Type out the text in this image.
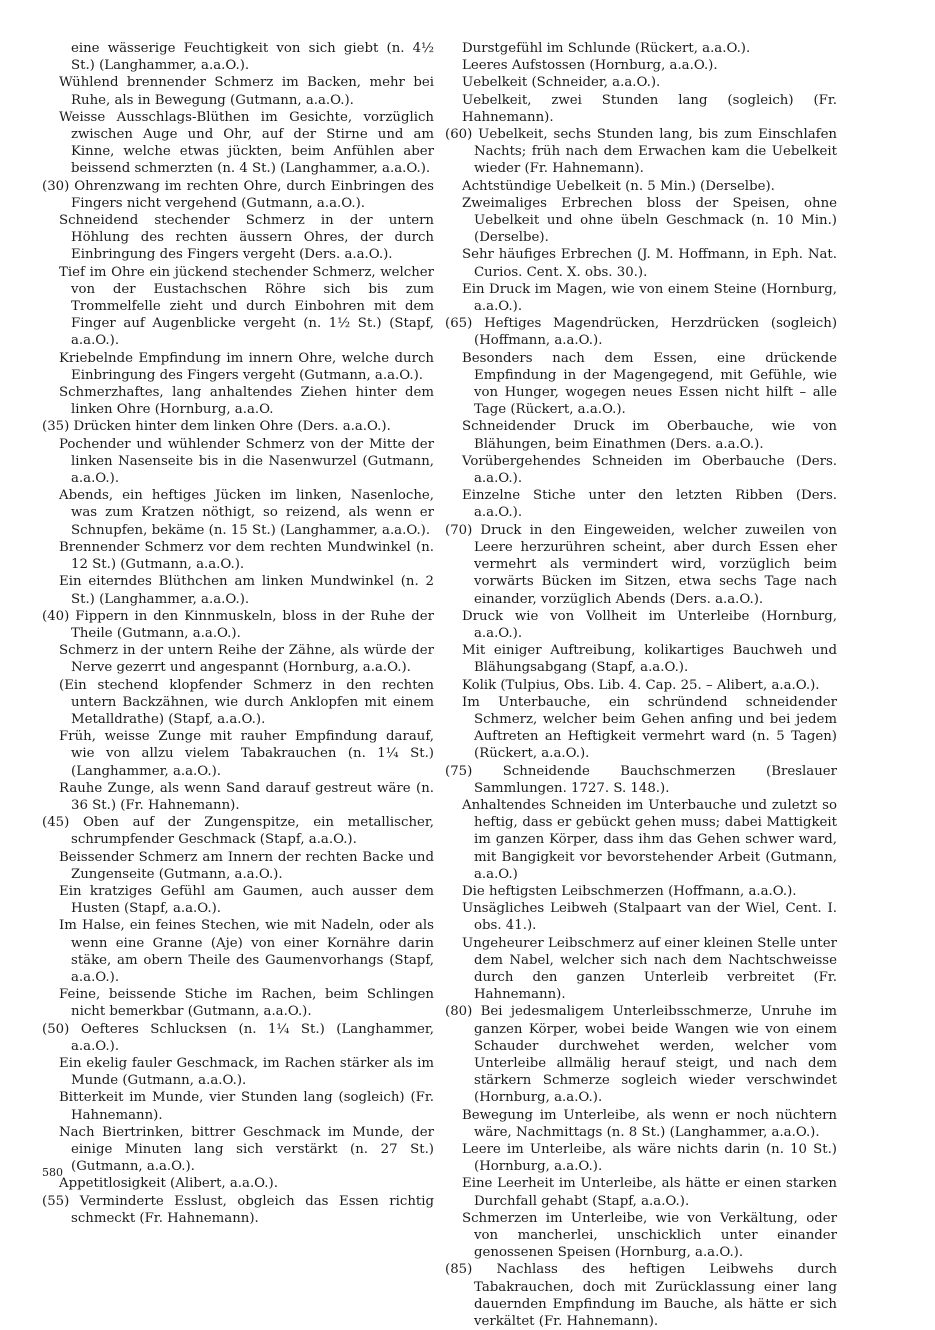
eine wässerige Feuchtigkeit von sich giebt (n. 4½ St.) (Langhammer, a.a.O.).

Wühlend brennender Schmerz im Backen, mehr bei Ruhe, als in Bewegung (Gutmann, a.a.O.).

Weisse Ausschlags-Blüthen im Gesichte, vorzüglich zwischen Auge und Ohr, auf der Stirne und am Kinne, welche etwas jückten, beim Anfühlen aber beissend schmerzten (n. 4 St.) (Langhammer, a.a.O.).

(30) Ohrenzwang im rechten Ohre, durch Einbringen des Fingers nicht vergehend (Gutmann, a.a.O.).

Schneidend stechender Schmerz in der untern Höhlung des rechten äussern Ohres, der durch Einbringung des Fingers vergeht (Ders. a.a.O.).

Tief im Ohre ein jückend stechender Schmerz, welcher von der Eustachschen Röhre sich bis zum Trommelfelle zieht und durch Einbohren mit dem Finger auf Augenblicke vergeht (n. 1½ St.) (Stapf, a.a.O.).

Kriebelnde Empfindung im innern Ohre, welche durch Einbringung des Fingers vergeht (Gutmann, a.a.O.).

Schmerzhaftes, lang anhaltendes Ziehen hinter dem linken Ohre (Hornburg, a.a.O.

(35) Drücken hinter dem linken Ohre (Ders. a.a.O.).

Pochender und wühlender Schmerz von der Mitte der linken Nasenseite bis in die Nasenwurzel (Gutmann, a.a.O.).

Abends, ein heftiges Jücken im linken, Nasenloche, was zum Kratzen nöthigt, so reizend, als wenn er Schnupfen, bekäme (n. 15 St.) (Langhammer, a.a.O.).

Brennender Schmerz vor dem rechten Mundwinkel (n. 12 St.) (Gutmann, a.a.O.).

Ein eiterndes Blüthchen am linken Mundwinkel (n. 2 St.) (Langhammer, a.a.O.).

(40) Fippern in den Kinnmuskeln, bloss in der Ruhe der Theile (Gutmann, a.a.O.).

Schmerz in der untern Reihe der Zähne, als würde der Nerve gezerrt und angespannt (Hornburg, a.a.O.).

(Ein stechend klopfender Schmerz in den rechten untern Backzähnen, wie durch Anklopfen mit einem Metalldrathe) (Stapf, a.a.O.).

Früh, weisse Zunge mit rauher Empfindung darauf, wie von allzu vielem Tabakrauchen (n. 1¼ St.) (Langhammer, a.a.O.).

Rauhe Zunge, als wenn Sand darauf gestreut wäre (n. 36 St.) (Fr. Hahnemann).

(45) Oben auf der Zungenspitze, ein metallischer, schrumpfender Geschmack (Stapf, a.a.O.).

Beissender Schmerz am Innern der rechten Backe und Zungenseite (Gutmann, a.a.O.).

Ein kratziges Gefühl am Gaumen, auch ausser dem Husten (Stapf, a.a.O.).

Im Halse, ein feines Stechen, wie mit Nadeln, oder als wenn eine Granne (Aje) von einer Kornähre darin stäke, am obern Theile des Gaumenvorhangs (Stapf, a.a.O.).

Feine, beissende Stiche im Rachen, beim Schlingen nicht bemerkbar (Gutmann, a.a.O.).

(50) Oefteres Schlucksen (n. 1¼ St.) (Langhammer, a.a.O.).

Ein ekelig fauler Geschmack, im Rachen stärker als im Munde (Gutmann, a.a.O.).

Bitterkeit im Munde, vier Stunden lang (sogleich) (Fr. Hahnemann).

Nach Biertrinken, bittrer Geschmack im Munde, der einige Minuten lang sich verstärkt (n. 27 St.) (Gutmann, a.a.O.).

Appetitlosigkeit (Alibert, a.a.O.).

(55) Verminderte Esslust, obgleich das Essen richtig schmeckt (Fr. Hahnemann).

Durstgefühl im Schlunde (Rückert, a.a.O.).

Leeres Aufstossen (Hornburg, a.a.O.).

Uebelkeit (Schneider, a.a.O.).

Uebelkeit, zwei Stunden lang (sogleich) (Fr. Hahnemann).

(60) Uebelkeit, sechs Stunden lang, bis zum Einschlafen Nachts; früh nach dem Erwachen kam die Uebelkeit wieder (Fr. Hahnemann).

Achtstündige Uebelkeit (n. 5 Min.) (Derselbe).

Zweimaliges Erbrechen bloss der Speisen, ohne Uebelkeit und ohne übeln Geschmack (n. 10 Min.) (Derselbe).

Sehr häufiges Erbrechen (J. M. Hoffmann, in Eph. Nat. Curios. Cent. X. obs. 30.).

Ein Druck im Magen, wie von einem Steine (Hornburg, a.a.O.).

(65) Heftiges Magendrücken, Herzdrücken (sogleich) (Hoffmann, a.a.O.).

Besonders nach dem Essen, eine drückende Empfindung in der Magengegend, mit Gefühle, wie von Hunger, wogegen neues Essen nicht hilft – alle Tage (Rückert, a.a.O.).

Schneidender Druck im Oberbauche, wie von Blähungen, beim Einathmen (Ders. a.a.O.).

Vorübergehendes Schneiden im Oberbauche (Ders. a.a.O.).

Einzelne Stiche unter den letzten Ribben (Ders. a.a.O.).

(70) Druck in den Eingeweiden, welcher zuweilen von Leere herzurühren scheint, aber durch Essen eher vermehrt als vermindert wird, vorzüglich beim vorwärts Bücken im Sitzen, etwa sechs Tage nach einander, vorzüglich Abends (Ders. a.a.O.).

Druck wie von Vollheit im Unterleibe (Hornburg, a.a.O.).

Mit einiger Auftreibung, kolikartiges Bauchweh und Blähungsabgang (Stapf, a.a.O.).

Kolik (Tulpius, Obs. Lib. 4. Cap. 25. – Alibert, a.a.O.).

Im Unterbauche, ein schründend schneidender Schmerz, welcher beim Gehen anfing und bei jedem Auftreten an Heftigkeit vermehrt ward (n. 5 Tagen) (Rückert, a.a.O.).

(75) Schneidende Bauchschmerzen (Breslauer Sammlungen. 1727. S. 148.).

Anhaltendes Schneiden im Unterbauche und zuletzt so heftig, dass er gebückt gehen muss; dabei Mattigkeit im ganzen Körper, dass ihm das Gehen schwer ward, mit Bangigkeit vor bevorstehender Arbeit (Gutmann, a.a.O.)

Die heftigsten Leibschmerzen (Hoffmann, a.a.O.).

Unsägliches Leibweh (Stalpaart van der Wiel, Cent. I. obs. 41.).

Ungeheurer Leibschmerz auf einer kleinen Stelle unter dem Nabel, welcher sich nach dem Nachtschweisse durch den ganzen Unterleib verbreitet (Fr. Hahnemann).

(80) Bei jedesmaligem Unterleibsschmerze, Unruhe im ganzen Körper, wobei beide Wangen wie von einem Schauder durchwehet werden, welcher vom Unterleibe allmälig herauf steigt, und nach dem stärkern Schmerze sogleich wieder verschwindet (Hornburg, a.a.O.).

Bewegung im Unterleibe, als wenn er noch nüchtern wäre, Nachmittags (n. 8 St.) (Langhammer, a.a.O.).

Leere im Unterleibe, als wäre nichts darin (n. 10 St.) (Hornburg, a.a.O.).

Eine Leerheit im Unterleibe, als hätte er einen starken Durchfall gehabt (Stapf, a.a.O.).

Schmerzen im Unterleibe, wie von Verkältung, oder von mancherlei, unschicklich unter einander genossenen Speisen (Hornburg, a.a.O.).

(85) Nachlass des heftigen Leibwehs durch Tabakrauchen, doch mit Zurücklassung einer lang dauernden Empfindung im Bauche, als hätte er sich verkältet (Fr. Hahnemann).

580
